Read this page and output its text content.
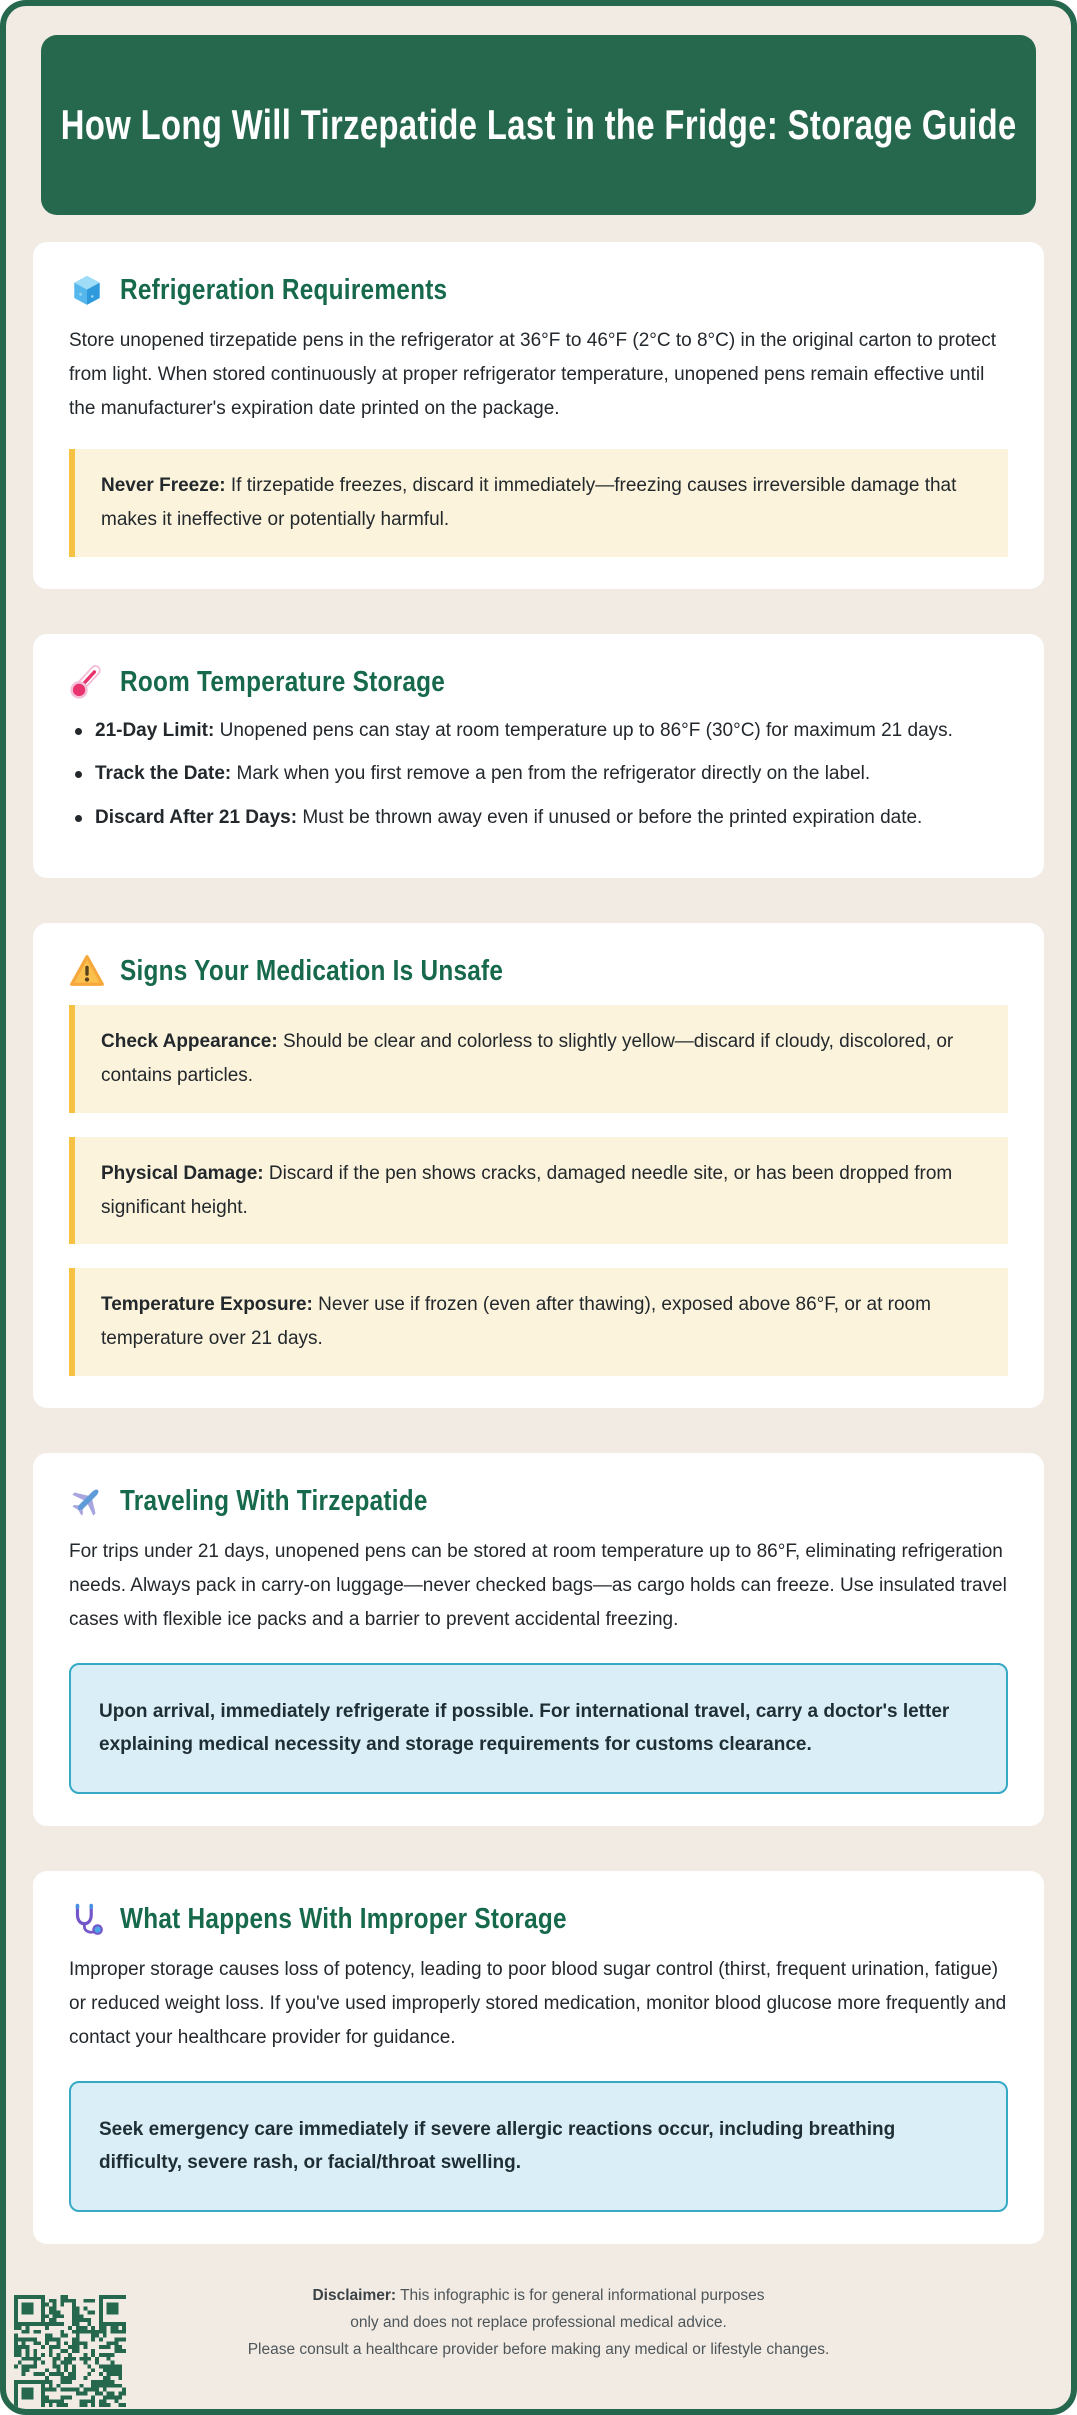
How Long Will Tirzepatide Last in the Fridge: Storage Guide
Refrigeration Requirements

Store unopened tirzepatide pens in the refrigerator at 36°F to 46°F (2°C to 8°C) in the original carton to protect from light. When stored continuously at proper refrigerator temperature, unopened pens remain effective until the manufacturer's expiration date printed on the package.

Never Freeze: If tirzepatide freezes, discard it immediately—freezing causes irreversible damage that makes it ineffective or potentially harmful.
Room Temperature Storage
21-Day Limit: Unopened pens can stay at room temperature up to 86°F (30°C) for maximum 21 days.
Track the Date: Mark when you first remove a pen from the refrigerator directly on the label.
Discard After 21 Days: Must be thrown away even if unused or before the printed expiration date.
Signs Your Medication Is Unsafe
Check Appearance: Should be clear and colorless to slightly yellow—discard if cloudy, discolored, or contains particles.
Physical Damage: Discard if the pen shows cracks, damaged needle site, or has been dropped from significant height.
Temperature Exposure: Never use if frozen (even after thawing), exposed above 86°F, or at room temperature over 21 days.
Traveling With Tirzepatide

For trips under 21 days, unopened pens can be stored at room temperature up to 86°F, eliminating refrigeration needs. Always pack in carry-on luggage—never checked bags—as cargo holds can freeze. Use insulated travel cases with flexible ice packs and a barrier to prevent accidental freezing.

Upon arrival, immediately refrigerate if possible. For international travel, carry a doctor's letter explaining medical necessity and storage requirements for customs clearance.
What Happens With Improper Storage

Improper storage causes loss of potency, leading to poor blood sugar control (thirst, frequent urination, fatigue) or reduced weight loss. If you've used improperly stored medication, monitor blood glucose more frequently and contact your healthcare provider for guidance.

Seek emergency care immediately if severe allergic reactions occur, including breathing difficulty, severe rash, or facial/throat swelling.
Disclaimer: This infographic is for general informational purposes
only and does not replace professional medical advice.
Please consult a healthcare provider before making any medical or lifestyle changes.
